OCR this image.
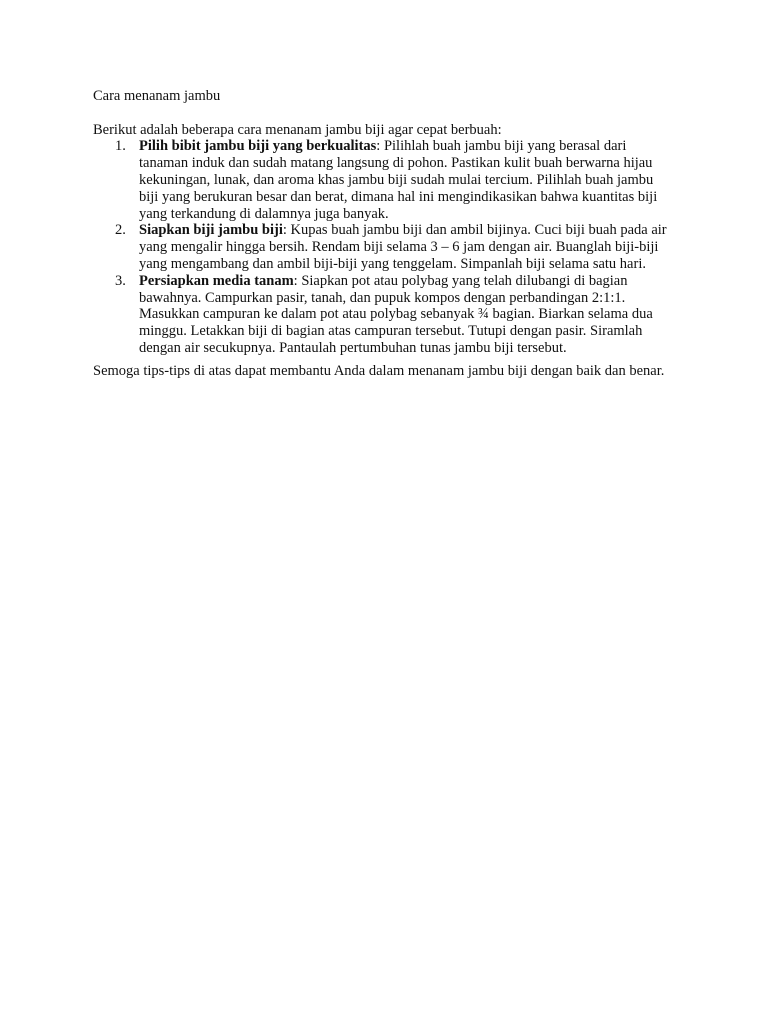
Cara menanam jambu

Berikut adalah beberapa cara menanam jambu biji agar cepat berbuah:

1. Pilih bibit jambu biji yang berkualitas: Pilihlah buah jambu biji yang berasal dari tanaman induk dan sudah matang langsung di pohon. Pastikan kulit buah berwarna hijau kekuningan, lunak, dan aroma khas jambu biji sudah mulai tercium. Pilihlah buah jambu biji yang berukuran besar dan berat, dimana hal ini mengindikasikan bahwa kuantitas biji yang terkandung di dalamnya juga banyak.
2. Siapkan biji jambu biji: Kupas buah jambu biji dan ambil bijinya. Cuci biji buah pada air yang mengalir hingga bersih. Rendam biji selama 3 – 6 jam dengan air. Buanglah biji-biji yang mengambang dan ambil biji-biji yang tenggelam. Simpanlah biji selama satu hari.
3. Persiapkan media tanam: Siapkan pot atau polybag yang telah dilubangi di bagian bawahnya. Campurkan pasir, tanah, dan pupuk kompos dengan perbandingan 2:1:1. Masukkan campuran ke dalam pot atau polybag sebanyak ¾ bagian. Biarkan selama dua minggu. Letakkan biji di bagian atas campuran tersebut. Tutupi dengan pasir. Siramlah dengan air secukupnya. Pantaulah pertumbuhan tunas jambu biji tersebut.

Semoga tips-tips di atas dapat membantu Anda dalam menanam jambu biji dengan baik dan benar.
